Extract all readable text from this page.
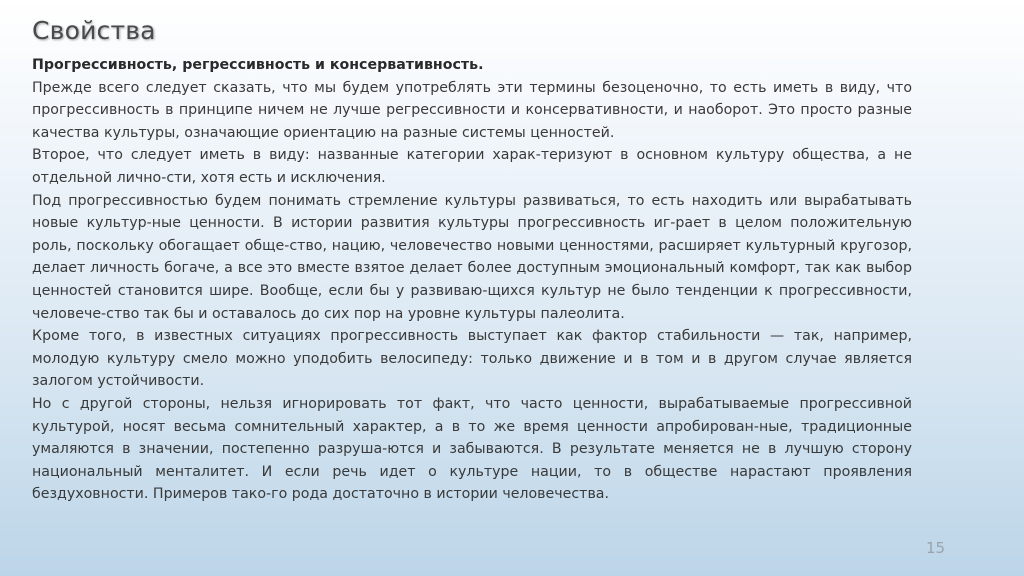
Свойства

Прогрессивность, регрессивность и консервативность.

Прежде всего следует сказать, что мы будем употреблять эти термины безоценочно, то есть иметь в виду, что прогрессивность в принципе ничем не лучше регрессивности и консервативности, и наоборот. Это просто разные качества культуры, означающие ориентацию на разные системы ценностей.

Второе, что следует иметь в виду: названные категории харак-теризуют в основном культуру общества, а не отдельной лично-сти, хотя есть и исключения.

Под прогрессивностью будем понимать стремление культуры развиваться, то есть находить или вырабатывать новые культур-ные ценности. В истории развития культуры прогрессивность иг-рает в целом положительную роль, поскольку обогащает обще-ство, нацию, человечество новыми ценностями, расширяет культурный кругозор, делает личность богаче, а все это вместе взятое делает более доступным эмоциональный комфорт, так как выбор ценностей становится шире. Вообще, если бы у развиваю-щихся культур не было тенденции к прогрессивности, человече-ство так бы и оставалось до сих пор на уровне культуры палеолита.

Кроме того, в известных ситуациях прогрессивность выступает как фактор стабильности — так, например, молодую культуру смело можно уподобить велосипеду: только движение и в том и в другом случае является залогом устойчивости.

Но с другой стороны, нельзя игнорировать тот факт, что часто ценности, вырабатываемые прогрессивной культурой, носят весьма сомнительный характер, а в то же время ценности апробирован-ные, традиционные умаляются в значении, постепенно разруша-ются и забываются. В результате меняется не в лучшую сторону национальный менталитет. И если речь идет о культуре нации, то в обществе нарастают проявления бездуховности. Примеров тако-го рода достаточно в истории человечества.

15
